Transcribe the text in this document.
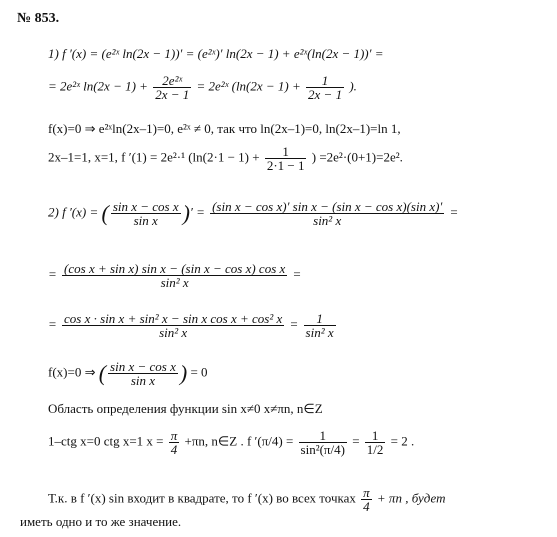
№ 853.
1) f ′(x) = (e²ˣ ln(2x − 1))′ = (e²ˣ)′ ln(2x − 1) + e²ˣ(ln(2x − 1))′ =
= 2e²ˣ $\ln(2x - 1) + \frac{\text{2e²ˣ}}{2x - 1}$ = 2e²ˣ ($\ln(2x - 1) + \frac{1}{2x - 1}$ ).
f(x)=0 ⇒ e²ˣln(2x–1)=0, e²ˣ ≠ 0, так что ln(2x–1)=0, ln(2x–1)=ln 1,
2x–1=1, x=1, f ′(1) = 2e²·¹ ($\ln(2\cdot 1 - 1) + \frac{1}{2\cdot 1 - 1}$ ) =2e²·(0+1)=2e².
2) f ′(x) = ( $\frac{\text{sin x − cos x}}{\text{sin x}}$ )′ = $\frac{\text{(sin x − cos x)′ sin x − (sin x − cos x)(sin x)′}}{\text{sin² x}}$ =
= $\frac{\text{(cos x + sin x) sin x − (sin x − cos x) cos x}}{\text{sin² x}}$ =
= $\frac{\text{cos x · sin x + sin² x − sin x cos x + cos² x}}{\text{sin² x}} = \frac{1}{\text{sin² x}}$
f(x)=0 ⇒ ( $\frac{\text{sin x − cos x}}{\text{sin x}}$ ) = 0
Область определения функции sin x≠0 x≠πn, n∈Z
1–ctg x=0 ctg x=1 $x = \frac{\pi}{4} +\pi n$, n∈Z . f $'(\pi/4) = \frac{1}{\text{sin²(π/4)}} = \frac{1}{1/2} = 2$ .
Т.к. в f ′(x) sin входит в квадрате, то f ′(x) во всех точках $\frac{\pi}{4} + \pi n$ , будет
иметь одно и то же значение.
